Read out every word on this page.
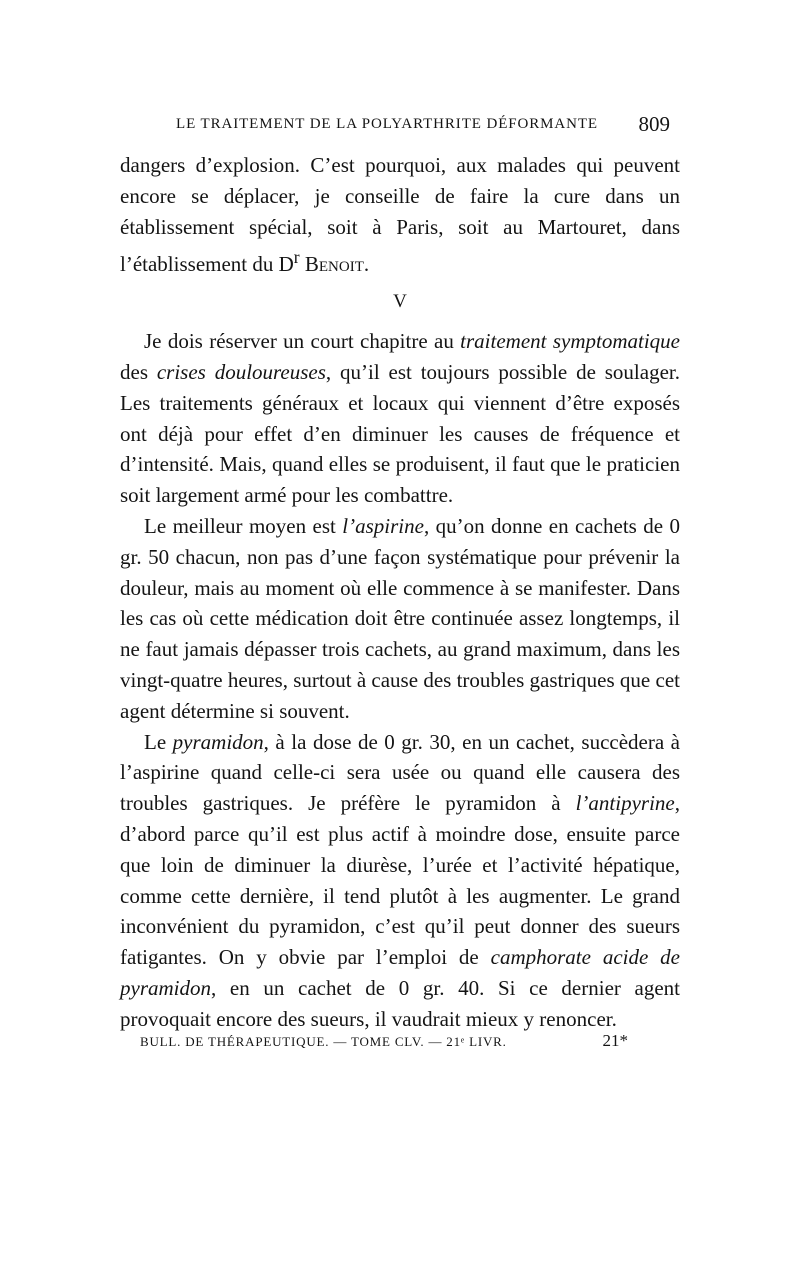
LE TRAITEMENT DE LA POLYARTHRITE DÉFORMANTE 809

dangers d’explosion. C’est pourquoi, aux malades qui peuvent encore se déplacer, je conseille de faire la cure dans un établissement spécial, soit à Paris, soit au Martouret, dans l’établissement du $D^r$ Benoit.

V

Je dois réserver un court chapitre au traitement symptomatique des crises douloureuses, qu’il est toujours possible de soulager. Les traitements généraux et locaux qui viennent d’être exposés ont déjà pour effet d’en diminuer les causes de fréquence et d’intensité. Mais, quand elles se produisent, il faut que le praticien soit largement armé pour les combattre.

Le meilleur moyen est l’aspirine, qu’on donne en cachets de 0 gr. 50 chacun, non pas d’une façon systématique pour prévenir la douleur, mais au moment où elle commence à se manifester. Dans les cas où cette médication doit être continuée assez longtemps, il ne faut jamais dépasser trois cachets, au grand maximum, dans les vingt-quatre heures, surtout à cause des troubles gastriques que cet agent détermine si souvent.

Le pyramidon, à la dose de 0 gr. 30, en un cachet, succèdera à l’aspirine quand celle-ci sera usée ou quand elle causera des troubles gastriques. Je préfère le pyramidon à l’antipyrine, d’abord parce qu’il est plus actif à moindre dose, ensuite parce que loin de diminuer la diurèse, l’urée et l’activité hépatique, comme cette dernière, il tend plutôt à les augmenter. Le grand inconvénient du pyramidon, c’est qu’il peut donner des sueurs fatigantes. On y obvie par l’emploi de camphorate acide de pyramidon, en un cachet de 0 gr. 40. Si ce dernier agent provoquait encore des sueurs, il vaudrait mieux y renoncer.

BULL. DE THÉRAPEUTIQUE. — TOME CLV. — 21ᵉ LIVR.	21*
